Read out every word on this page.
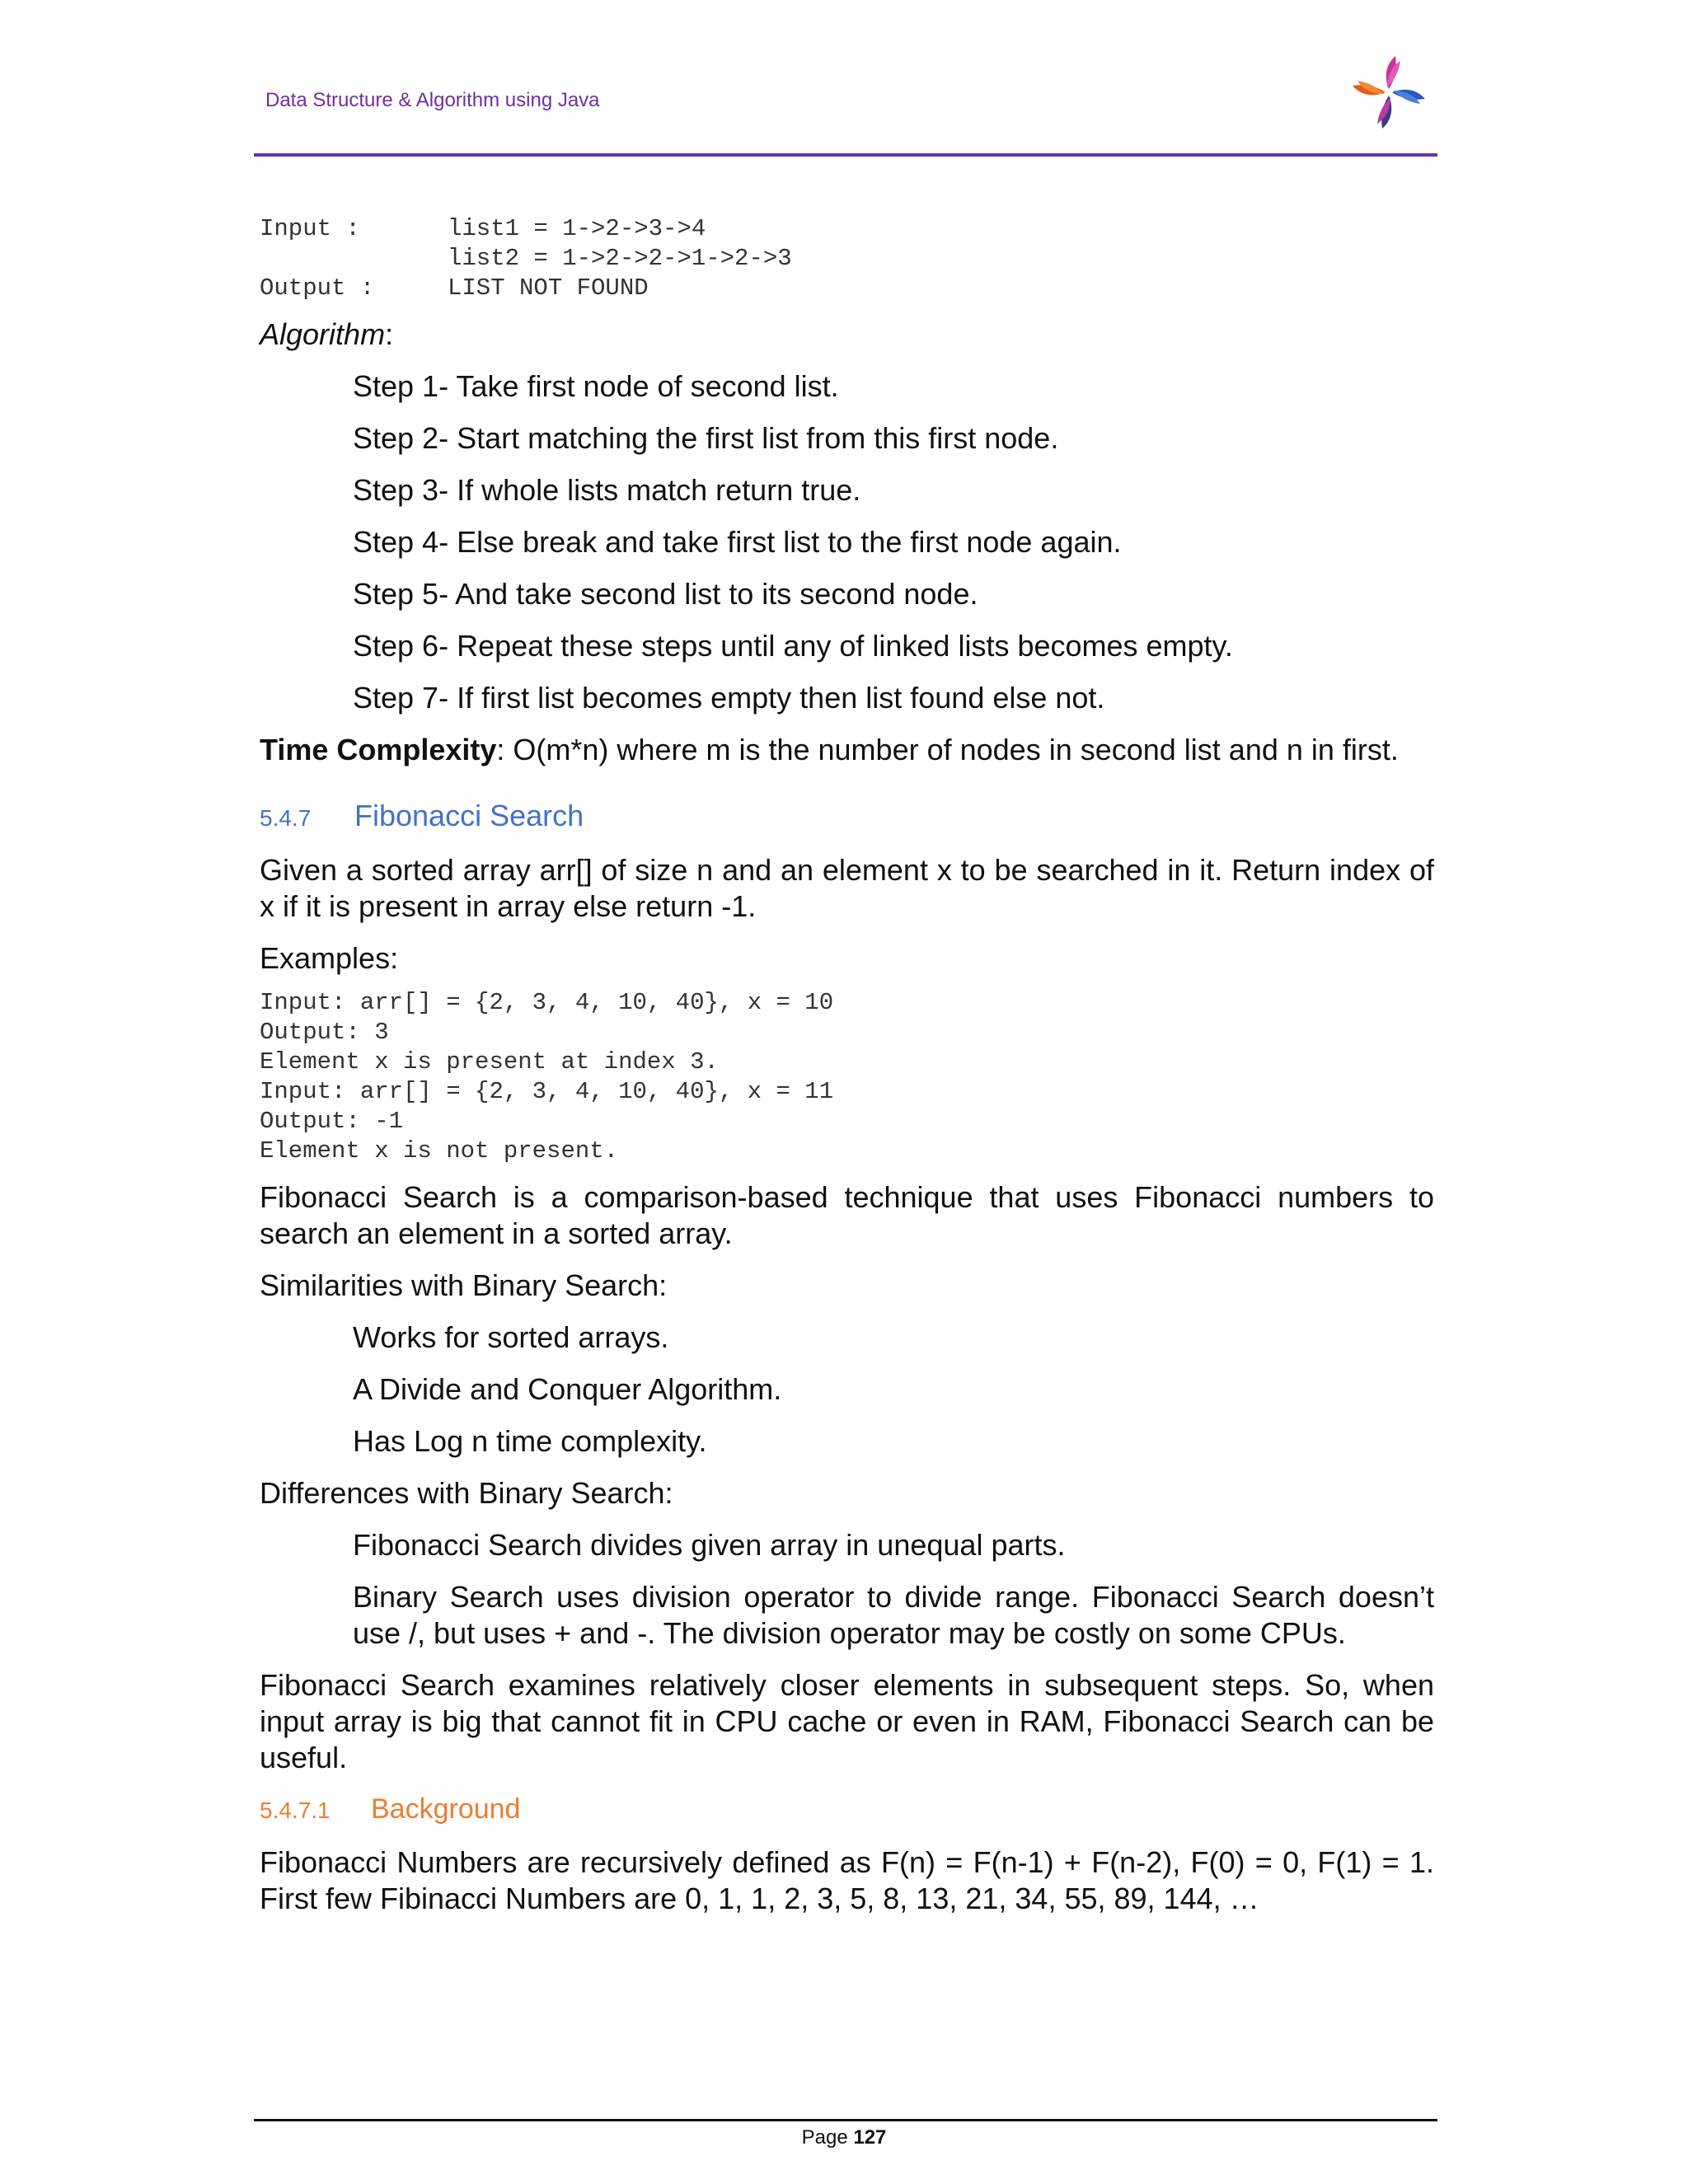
Data Structure & Algorithm using Java
Input :	list1 = 1->2->3->4
list2 = 1->2->2->1->2->3
Output :	LIST NOT FOUND
Algorithm:
Step 1- Take first node of second list.
Step 2- Start matching the first list from this first node.
Step 3- If whole lists match return true.
Step 4- Else break and take first list to the first node again.
Step 5- And take second list to its second node.
Step 6- Repeat these steps until any of linked lists becomes empty.
Step 7- If first list becomes empty then list found else not.
Time Complexity: O(m*n) where m is the number of nodes in second list and n in first.
5.4.7 Fibonacci Search
Given a sorted array arr[] of size n and an element x to be searched in it. Return index of x if it is present in array else return -1.
Examples:
Input: arr[] = {2, 3, 4, 10, 40}, x = 10
Output: 3
Element x is present at index 3.
Input: arr[] = {2, 3, 4, 10, 40}, x = 11
Output: -1
Element x is not present.
Fibonacci Search is a comparison-based technique that uses Fibonacci numbers to search an element in a sorted array.
Similarities with Binary Search:
Works for sorted arrays.
A Divide and Conquer Algorithm.
Has Log n time complexity.
Differences with Binary Search:
Fibonacci Search divides given array in unequal parts.
Binary Search uses division operator to divide range. Fibonacci Search doesn’t use /, but uses + and -. The division operator may be costly on some CPUs.
Fibonacci Search examines relatively closer elements in subsequent steps. So, when input array is big that cannot fit in CPU cache or even in RAM, Fibonacci Search can be useful.
5.4.7.1 Background
Fibonacci Numbers are recursively defined as F(n) = F(n-1) + F(n-2), F(0) = 0, F(1) = 1. First few Fibinacci Numbers are 0, 1, 1, 2, 3, 5, 8, 13, 21, 34, 55, 89, 144, …
Page 127
